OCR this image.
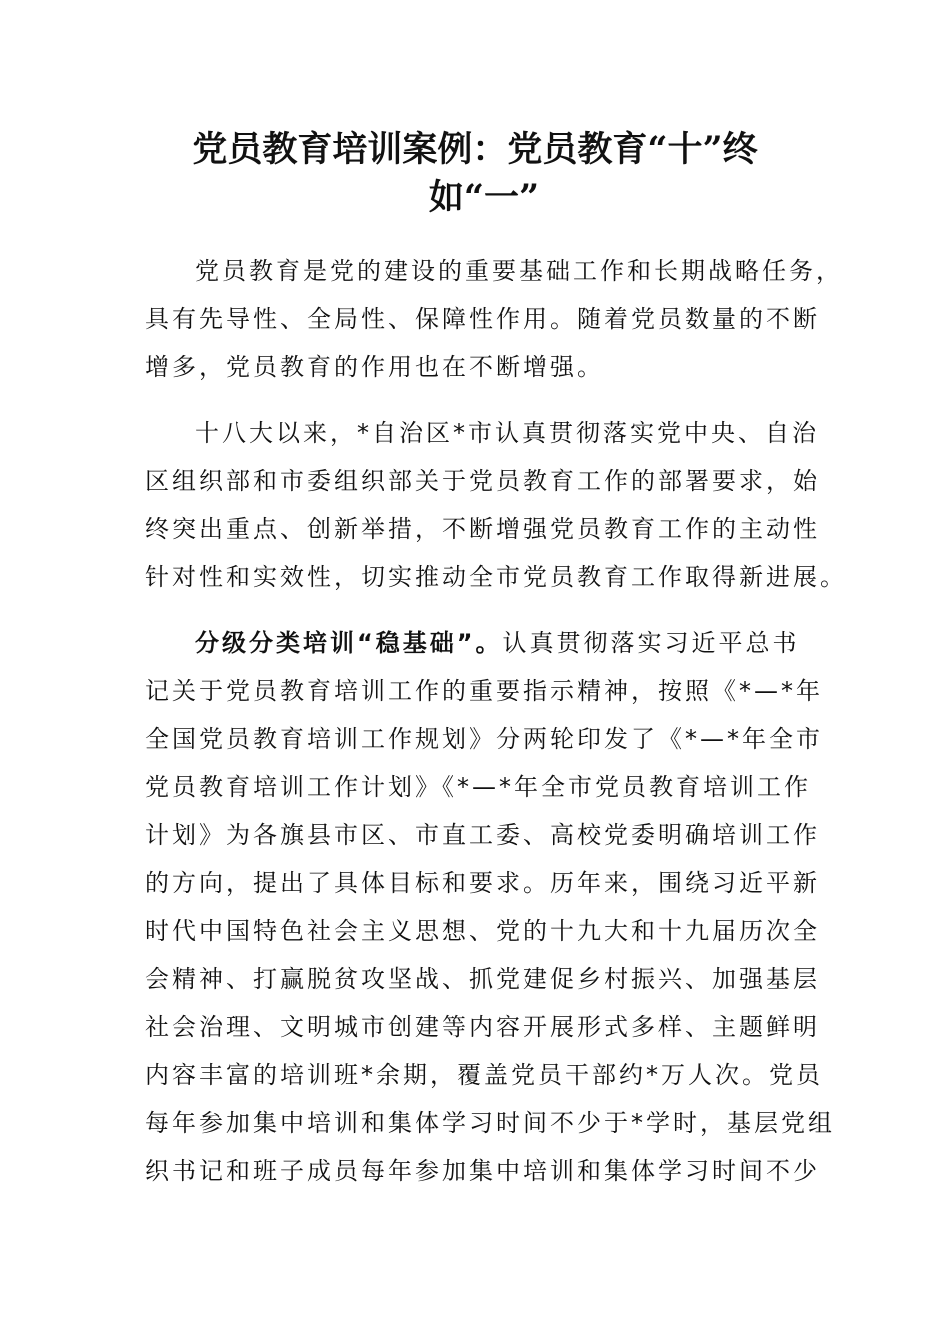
党员教育培训案例：党员教育“十”终
如“一”

党员教育是党的建设的重要基础工作和长期战略任务，
具有先导性、全局性、保障性作用。随着党员数量的不断
增多，党员教育的作用也在不断增强。

十八大以来，*自治区*市认真贯彻落实党中央、自治
区组织部和市委组织部关于党员教育工作的部署要求，始
终突出重点、创新举措，不断增强党员教育工作的主动性
针对性和实效性，切实推动全市党员教育工作取得新进展。

分级分类培训“稳基础”。认真贯彻落实习近平总书
记关于党员教育培训工作的重要指示精神，按照《*—*年
全国党员教育培训工作规划》分两轮印发了《*—*年全市
党员教育培训工作计划》《*—*年全市党员教育培训工作
计划》为各旗县市区、市直工委、高校党委明确培训工作
的方向，提出了具体目标和要求。历年来，围绕习近平新
时代中国特色社会主义思想、党的十九大和十九届历次全
会精神、打赢脱贫攻坚战、抓党建促乡村振兴、加强基层
社会治理、文明城市创建等内容开展形式多样、主题鲜明
内容丰富的培训班*余期，覆盖党员干部约*万人次。党员
每年参加集中培训和集体学习时间不少于*学时，基层党组
织书记和班子成员每年参加集中培训和集体学习时间不少
